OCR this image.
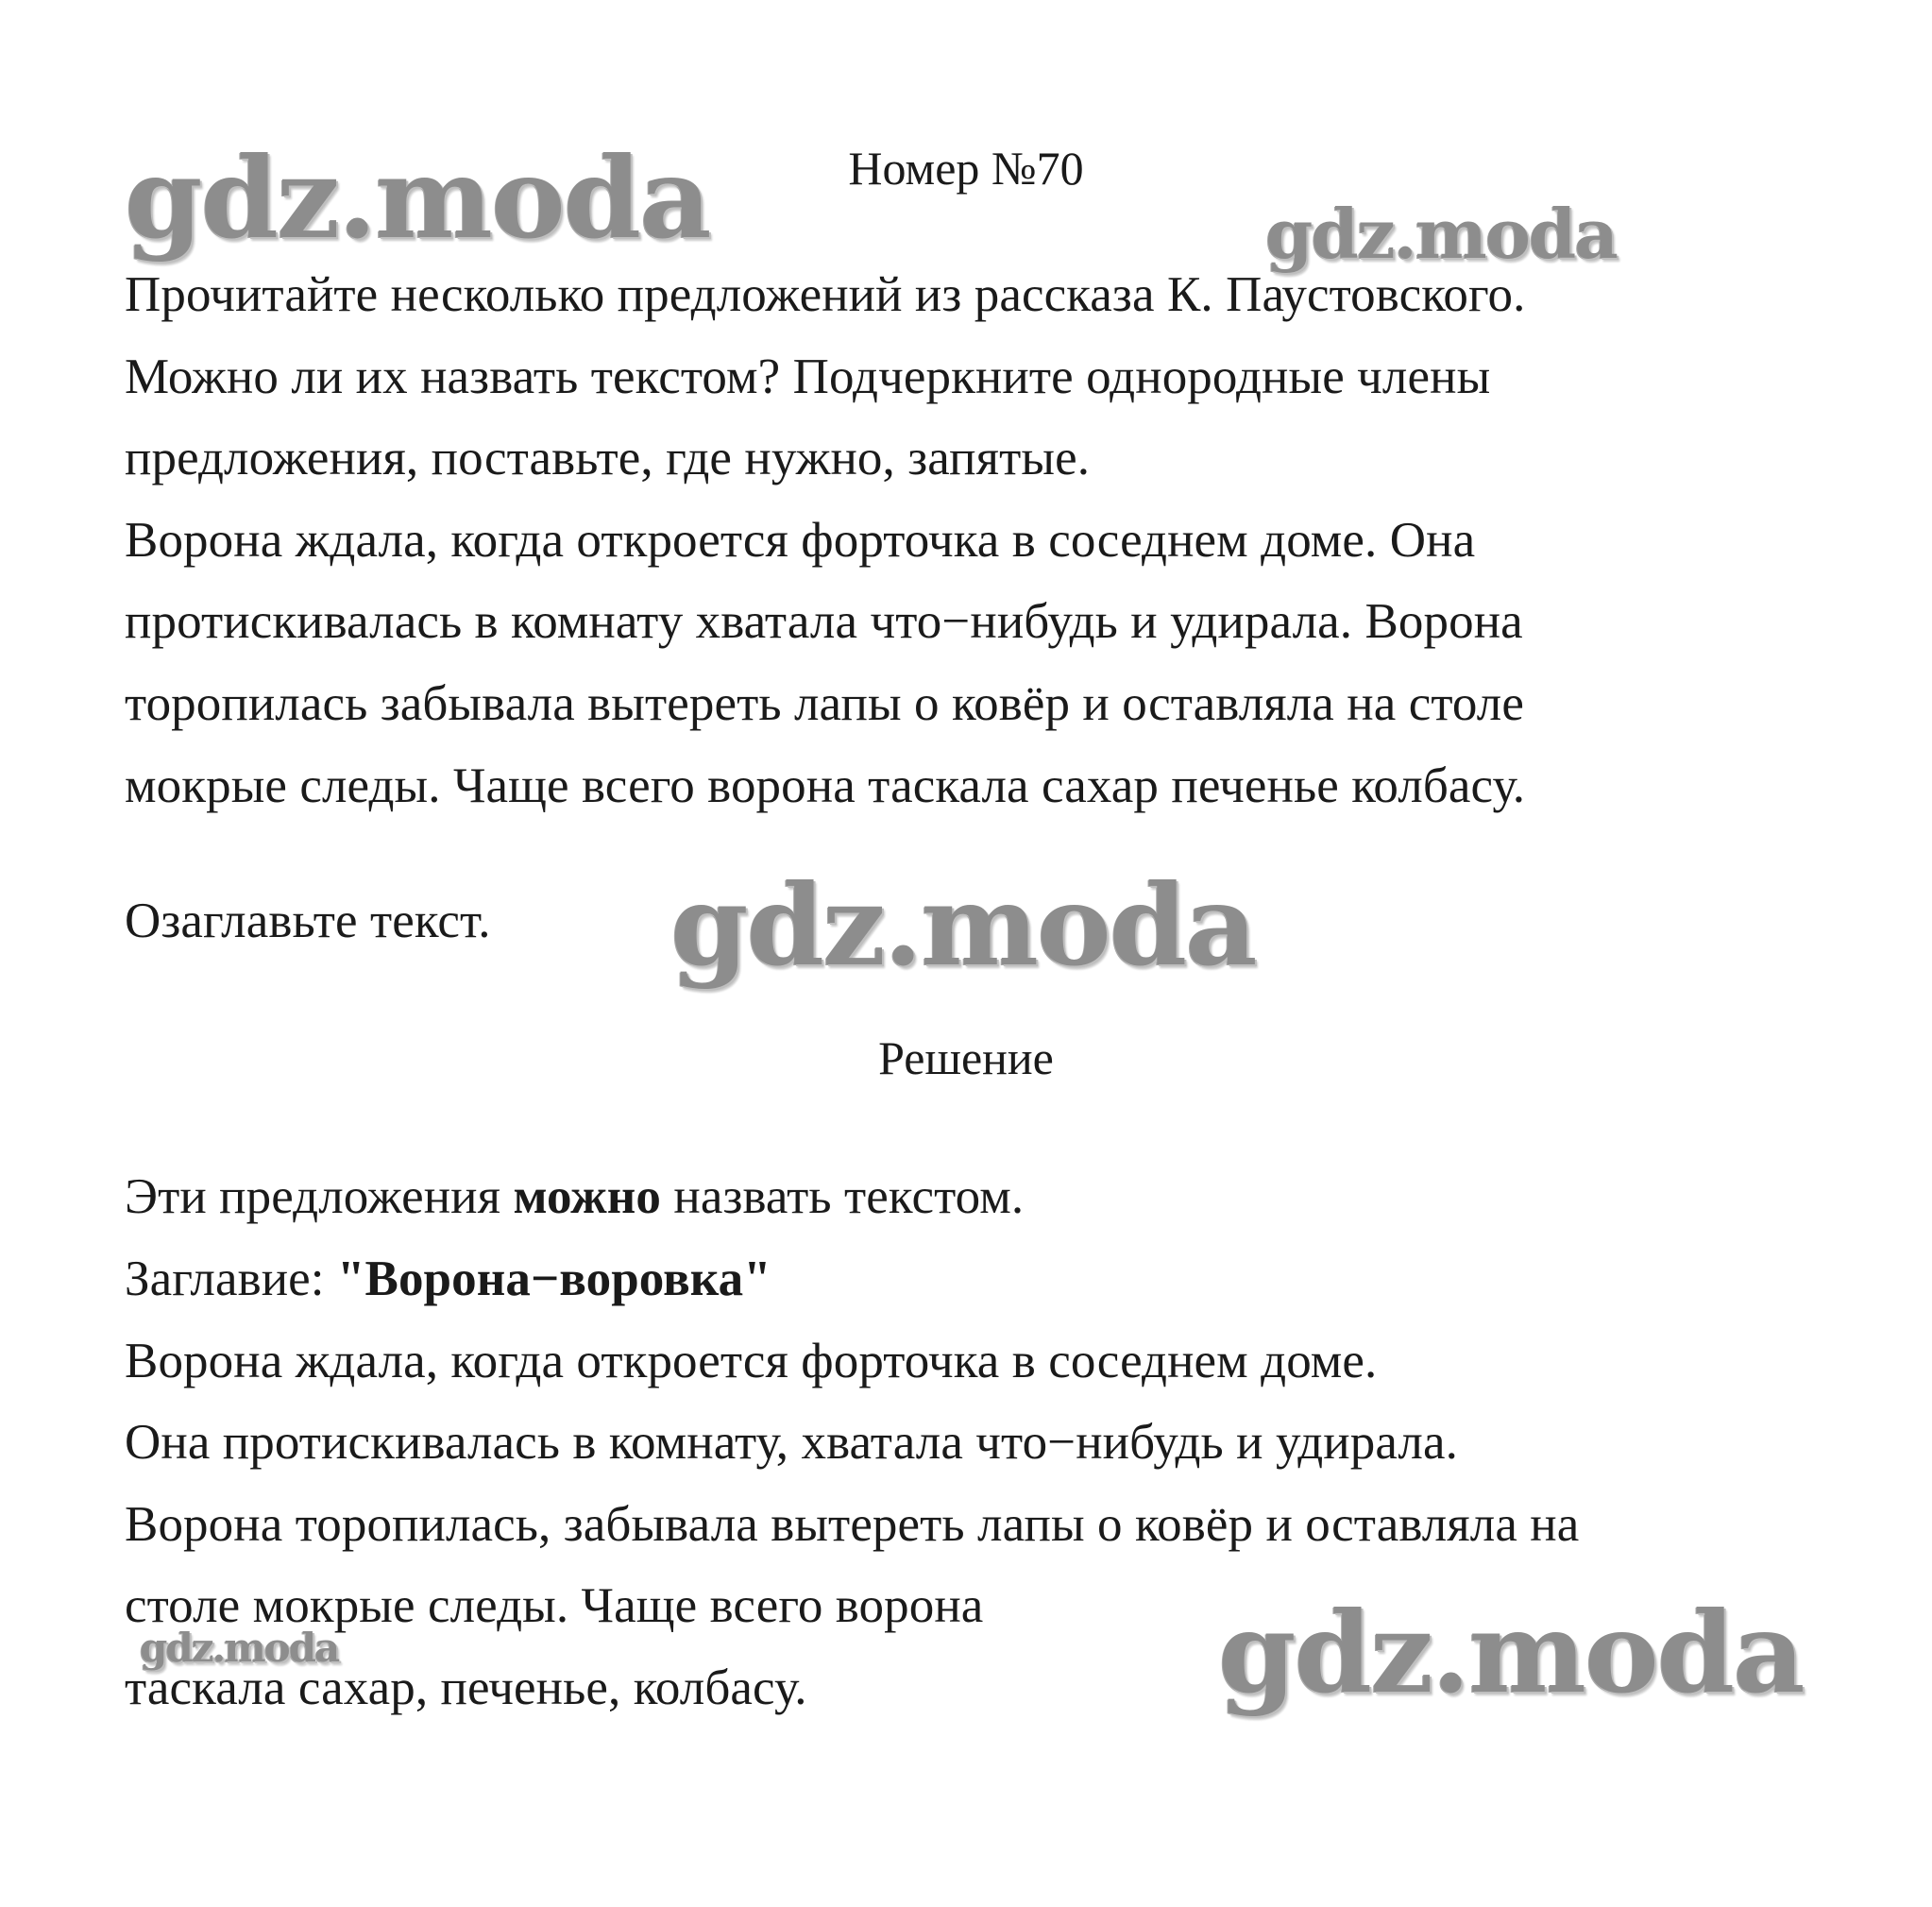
gdz.moda	gdz.moda
gdz.moda
gdz.moda	gdz.moda
Номер №70
Прочитайте несколько предложений из рассказа К. Паустовского.
Можно ли их назвать текстом? Подчеркните однородные члены
предложения, поставьте, где нужно, запятые.
Ворона ждала, когда откроется форточка в соседнем доме. Она
протискивалась в комнату хватала что−нибудь и удирала. Ворона
торопилась забывала вытереть лапы о ковёр и оставляла на столе
мокрые следы. Чаще всего ворона таскала сахар печенье колбасу.
Озаглавьте текст.
Решение
Эти предложения можно назвать текстом.
Заглавие: "Ворона−воровка"
Ворона ждала, когда откроется форточка в соседнем доме.
Она протискивалась в комнату, хватала что−нибудь и удирала.
Ворона торопилась, забывала вытереть лапы о ковёр и оставляла на
столе мокрые следы. Чаще всего ворона
таскала сахар, печенье, колбасу.
